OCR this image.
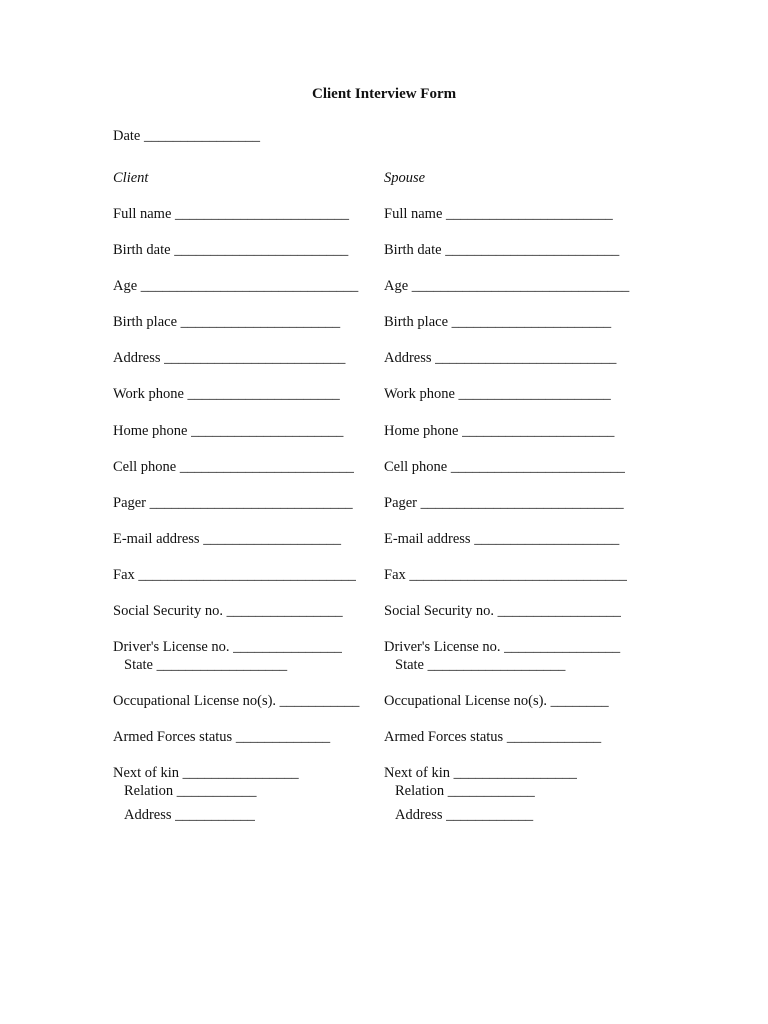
Client Interview Form
Date ________________
Client	Spouse
Full name ________________________
Birth date ________________________
Age ______________________________
Birth place ______________________
Address _________________________
Work phone _____________________
Home phone _____________________
Cell phone ________________________
Pager ____________________________
E-mail address ___________________
Fax ______________________________
Social Security no. ________________
Driver's License no. _______________
State __________________
Occupational License no(s). ___________
Armed Forces status _____________
Next of kin ________________
Relation ___________
Address ___________
Full name _______________________
Birth date ________________________
Age ______________________________
Birth place ______________________
Address _________________________
Work phone _____________________
Home phone _____________________
Cell phone ________________________
Pager ____________________________
E-mail address ____________________
Fax ______________________________
Social Security no. _________________
Driver's License no. ________________
State ___________________
Occupational License no(s). ________
Armed Forces status _____________
Next of kin _________________
Relation ____________
Address ____________
